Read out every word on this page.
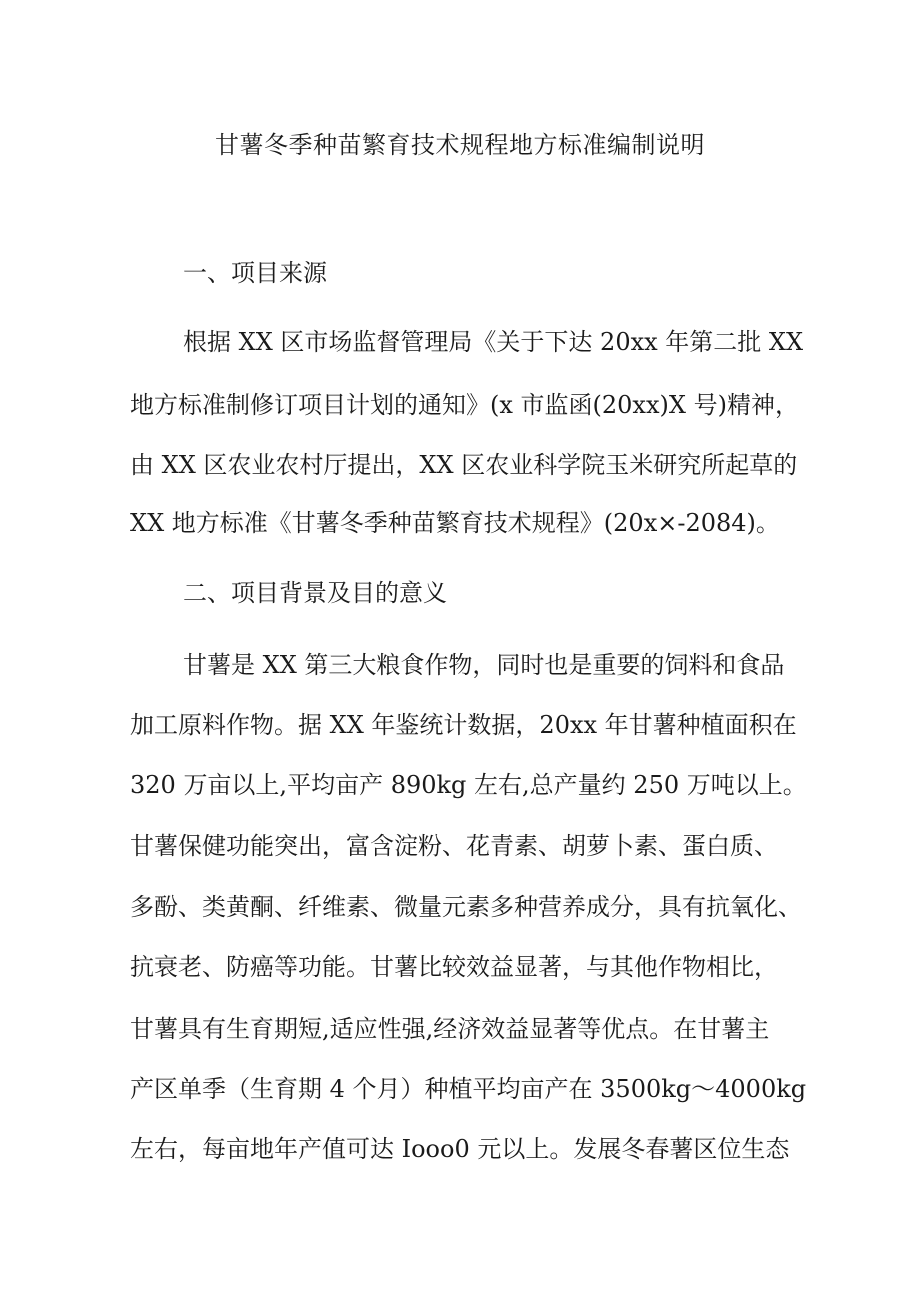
甘薯冬季种苗繁育技术规程地方标准编制说明
一、项目来源
根据 XX 区市场监督管理局《关于下达 20xx 年第二批 XX
地方标准制修订项目计划的通知》(x 市监函(20xx)X 号)精神，
由 XX 区农业农村厅提出，XX 区农业科学院玉米研究所起草的
XX 地方标准《甘薯冬季种苗繁育技术规程》(20x×-2084)。
二、项目背景及目的意义
甘薯是 XX 第三大粮食作物，同时也是重要的饲料和食品
加工原料作物。据 XX 年鉴统计数据，20xx 年甘薯种植面积在
320 万亩以上,平均亩产 890kg 左右,总产量约 250 万吨以上。
甘薯保健功能突出，富含淀粉、花青素、胡萝卜素、蛋白质、
多酚、类黄酮、纤维素、微量元素多种营养成分，具有抗氧化、
抗衰老、防癌等功能。甘薯比较效益显著，与其他作物相比，
甘薯具有生育期短,适应性强,经济效益显著等优点。在甘薯主
产区单季（生育期 4 个月）种植平均亩产在 3500kg～4000kg
左右，每亩地年产值可达 Iooo0 元以上。发展冬春薯区位生态
